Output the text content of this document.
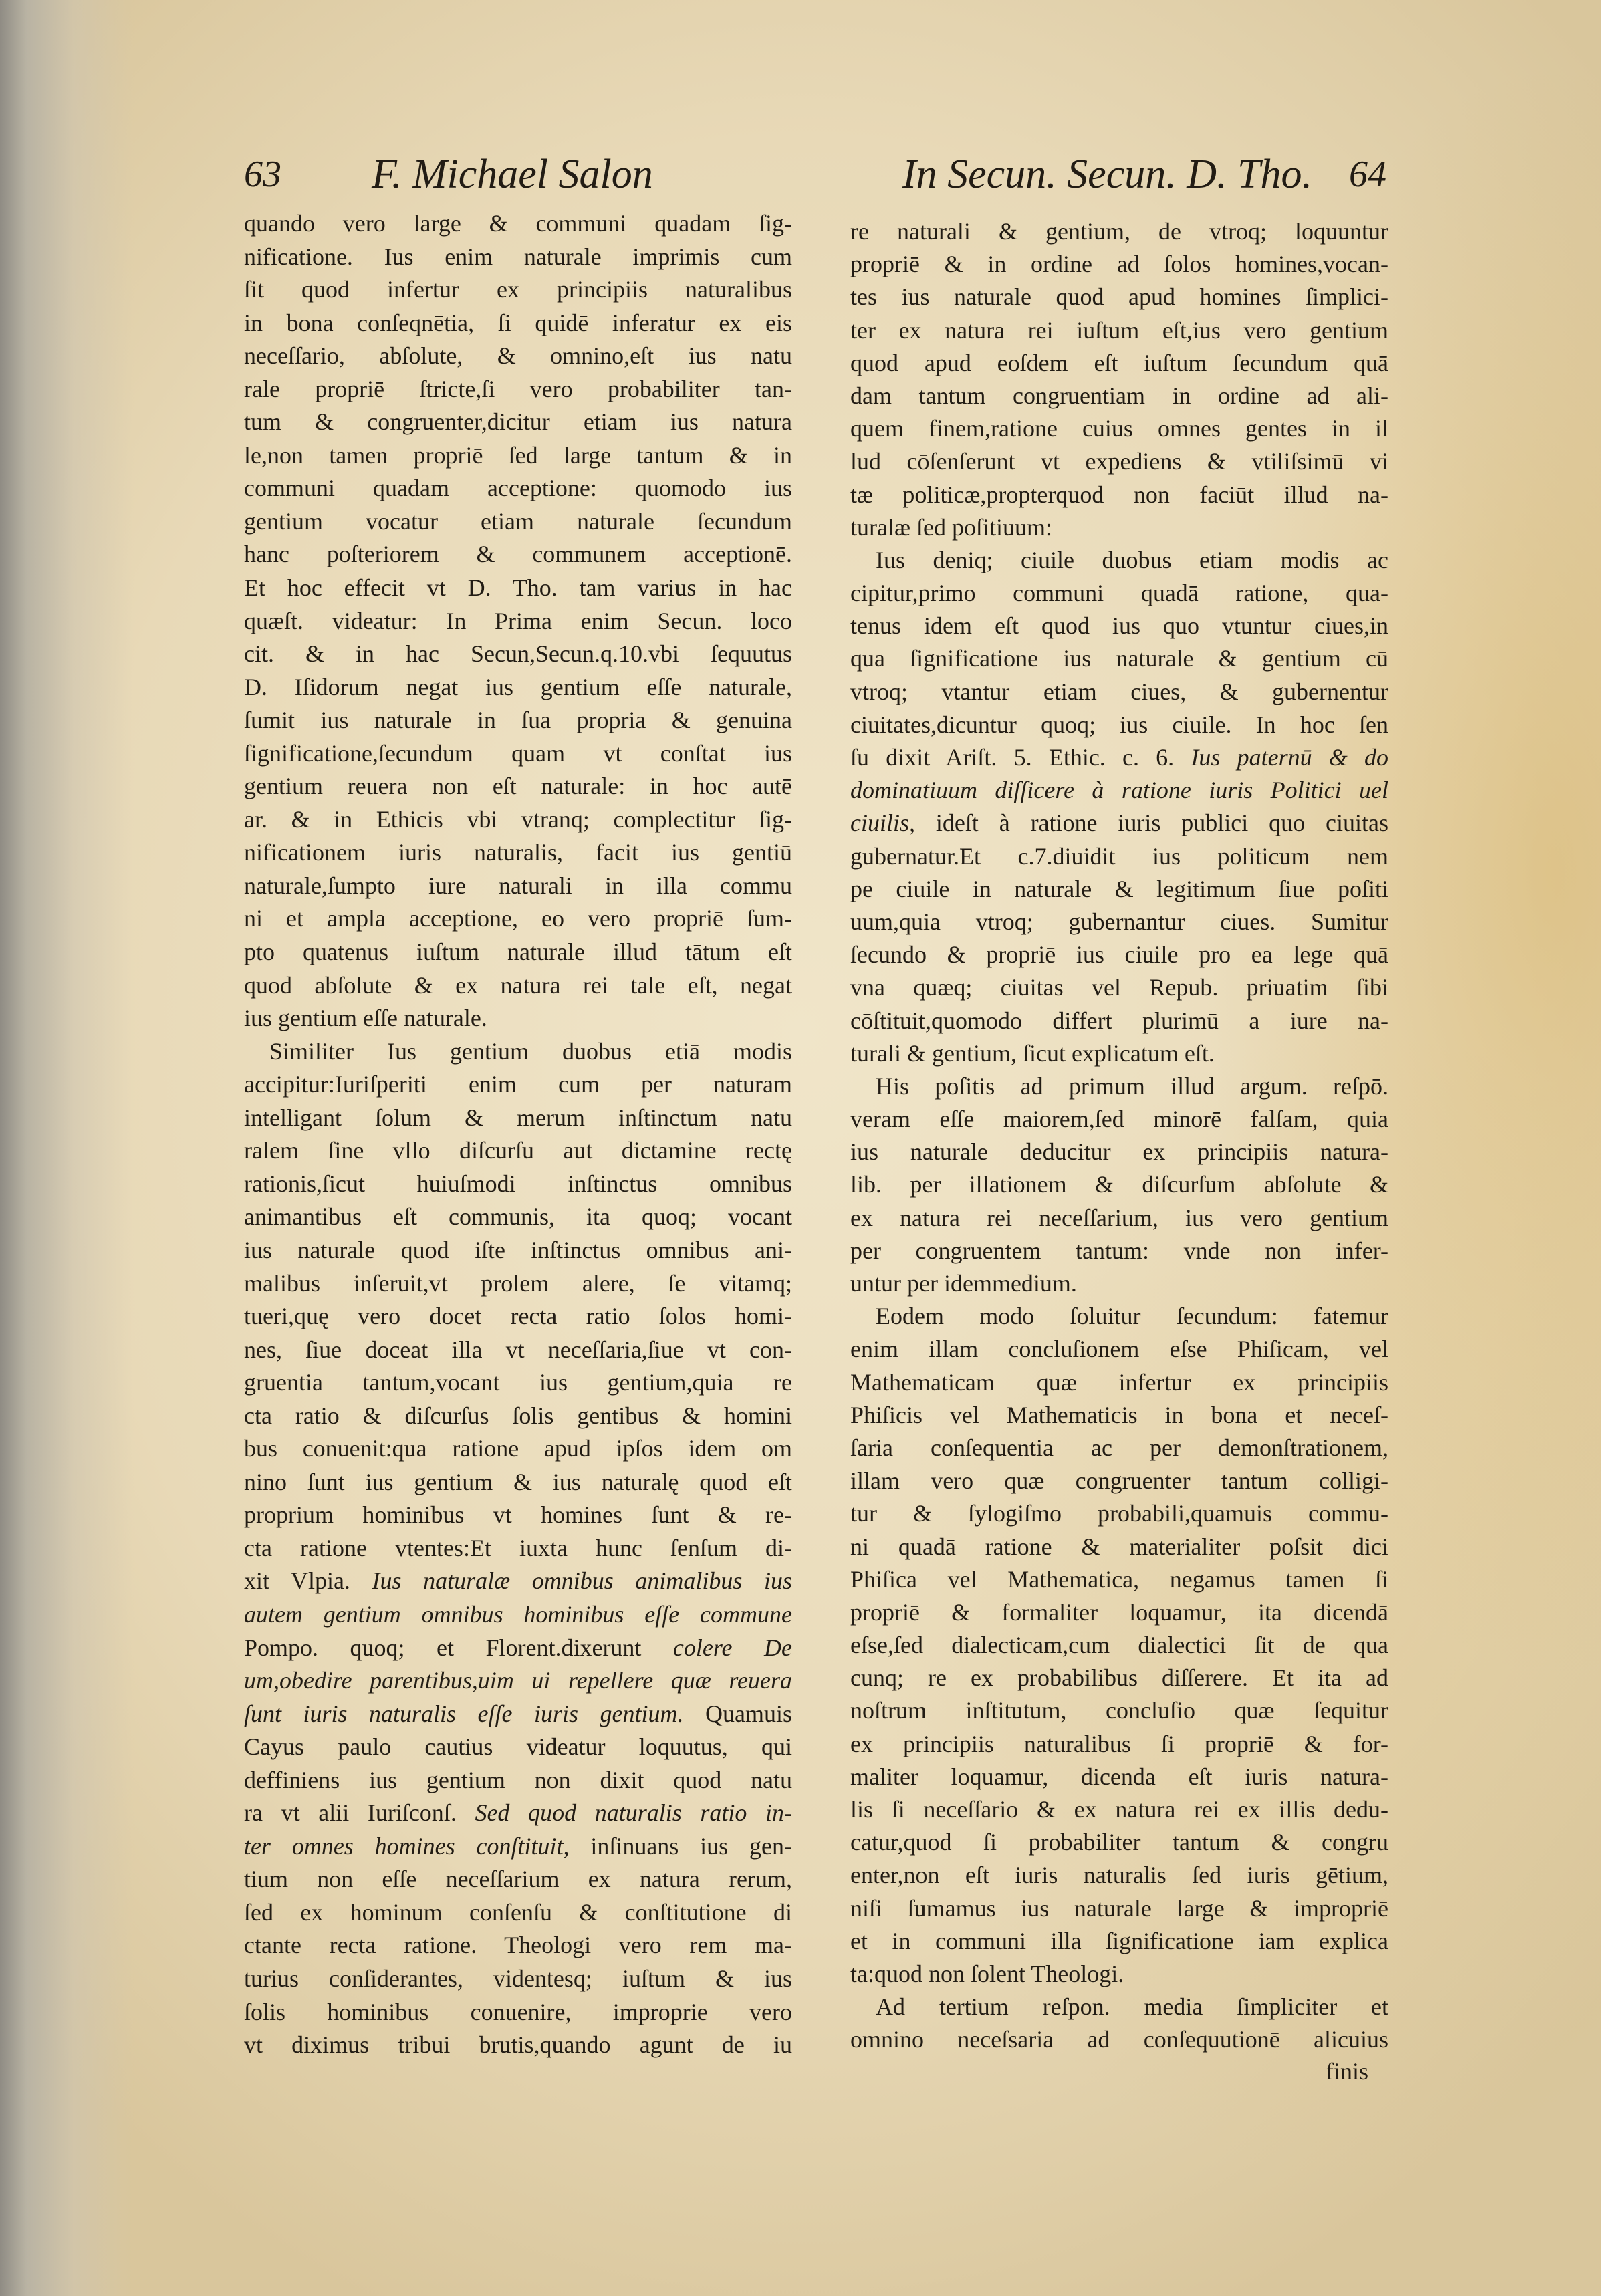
63 F. Michael Salon	In Secun. Secun. D. Tho. 64
quando vero large & communi quadam ſig-
nificatione. Ius enim naturale imprimis cum
ſit quod infertur ex principiis naturalibus
in bona conſeqnētia, ſi quidē inferatur ex eis
neceſſario, abſolute, & omnino,eſt ius natu
rale propriē ſtricte,ſi vero probabiliter tan-
tum & congruenter,dicitur etiam ius natura
le,non tamen propriē ſed large tantum & in
communi quadam acceptione: quomodo ius
gentium vocatur etiam naturale ſecundum
hanc poſteriorem & communem acceptionē.
Et hoc effecit vt D. Tho. tam varius in hac
quæſt. videatur: In Prima enim Secun. loco
cit. & in hac Secun,Secun.q.10.vbi ſequutus
D. Iſidorum negat ius gentium eſſe naturale,
ſumit ius naturale in ſua propria & genuina
ſignificatione,ſecundum quam vt conſtat ius
gentium reuera non eſt naturale: in hoc autē
ar. & in Ethicis vbi vtranq; complectitur ſig-
nificationem iuris naturalis, facit ius gentiū
naturale,ſumpto iure naturali in illa commu
ni et ampla acceptione, eo vero propriē ſum-
pto quatenus iuſtum naturale illud tātum eſt
quod abſolute & ex natura rei tale eſt, negat
ius gentium eſſe naturale.
Similiter Ius gentium duobus etiā modis
accipitur:Iuriſperiti enim cum per naturam
intelligant ſolum & merum inſtinctum natu
ralem ſine vllo diſcurſu aut dictamine rectę
rationis,ſicut huiuſmodi inſtinctus omnibus
animantibus eſt communis, ita quoq; vocant
ius naturale quod iſte inſtinctus omnibus ani-
malibus inſeruit,vt prolem alere, ſe vitamq;
tueri,quę vero docet recta ratio ſolos homi-
nes, ſiue doceat illa vt neceſſaria,ſiue vt con-
gruentia tantum,vocant ius gentium,quia re
cta ratio & diſcurſus ſolis gentibus & homini
bus conuenit:qua ratione apud ipſos idem om
nino ſunt ius gentium & ius naturalę quod eſt
proprium hominibus vt homines ſunt & re-
cta ratione vtentes:Et iuxta hunc ſenſum di-
xit Vlpia. Ius naturalæ omnibus animalibus ius
autem gentium omnibus hominibus eſſe commune
Pompo. quoq; et Florent.dixerunt colere De
um,obedire parentibus,uim ui repellere quæ reuera
ſunt iuris naturalis eſſe iuris gentium. Quamuis
Cayus paulo cautius videatur loquutus, qui
deffiniens ius gentium non dixit quod natu
ra vt alii Iuriſconſ. Sed quod naturalis ratio in-
ter omnes homines conſtituit, inſinuans ius gen-
tium non eſſe neceſſarium ex natura rerum,
ſed ex hominum conſenſu & conſtitutione di
ctante recta ratione. Theologi vero rem ma-
turius conſiderantes, videntesq; iuſtum & ius
ſolis hominibus conuenire, improprie vero
vt diximus tribui brutis,quando agunt de iu
re naturali & gentium, de vtroq; loquuntur
propriē & in ordine ad ſolos homines,vocan-
tes ius naturale quod apud homines ſimplici-
ter ex natura rei iuſtum eſt,ius vero gentium
quod apud eoſdem eſt iuſtum ſecundum quā
dam tantum congruentiam in ordine ad ali-
quem finem,ratione cuius omnes gentes in il
lud cōſenſerunt vt expediens & vtiliſsimū vi
tæ politicæ,propterquod non faciūt illud na-
turalæ ſed poſitiuum:
Ius deniq; ciuile duobus etiam modis ac
cipitur,primo communi quadā ratione, qua-
tenus idem eſt quod ius quo vtuntur ciues,in
qua ſignificatione ius naturale & gentium cū
vtroq; vtantur etiam ciues, & gubernentur
ciuitates,dicuntur quoq; ius ciuile. In hoc ſen
ſu dixit Ariſt. 5. Ethic. c. 6. Ius paternū & do
dominatiuum diſſicere à ratione iuris Politici uel
ciuilis, ideſt à ratione iuris publici quo ciuitas
gubernatur.Et c.7.diuidit ius politicum nem
pe ciuile in naturale & legitimum ſiue poſiti
uum,quia vtroq; gubernantur ciues. Sumitur
ſecundo & propriē ius ciuile pro ea lege quā
vna quæq; ciuitas vel Repub. priuatim ſibi
cōſtituit,quomodo differt plurimū a iure na-
turali & gentium, ſicut explicatum eſt.
His poſitis ad primum illud argum. reſpō.
veram eſſe maiorem,ſed minorē falſam, quia
ius naturale deducitur ex principiis natura-
lib. per illationem & diſcurſum abſolute &
ex natura rei neceſſarium, ius vero gentium
per congruentem tantum: vnde non infer-
untur per idemmedium.
Eodem modo ſoluitur ſecundum: fatemur
enim illam concluſionem eſse Phiſicam, vel
Mathematicam quæ infertur ex principiis
Phiſicis vel Mathematicis in bona et neceſ-
ſaria conſequentia ac per demonſtrationem,
illam vero quæ congruenter tantum colligi-
tur & ſylogiſmo probabili,quamuis commu-
ni quadā ratione & materialiter poſsit dici
Phiſica vel Mathematica, negamus tamen ſi
propriē & formaliter loquamur, ita dicendā
eſse,ſed dialecticam,cum dialectici ſit de qua
cunq; re ex probabilibus diſſerere. Et ita ad
noſtrum inſtitutum, concluſio quæ ſequitur
ex principiis naturalibus ſi propriē & for-
maliter loquamur, dicenda eſt iuris natura-
lis ſi neceſſario & ex natura rei ex illis dedu-
catur,quod ſi probabiliter tantum & congru
enter,non eſt iuris naturalis ſed iuris gētium,
niſi ſumamus ius naturale large & impropriē
et in communi illa ſignificatione iam explica
ta:quod non ſolent Theologi.
Ad tertium reſpon. media ſimpliciter et
omnino neceſsaria ad conſequutionē alicuius
finis
